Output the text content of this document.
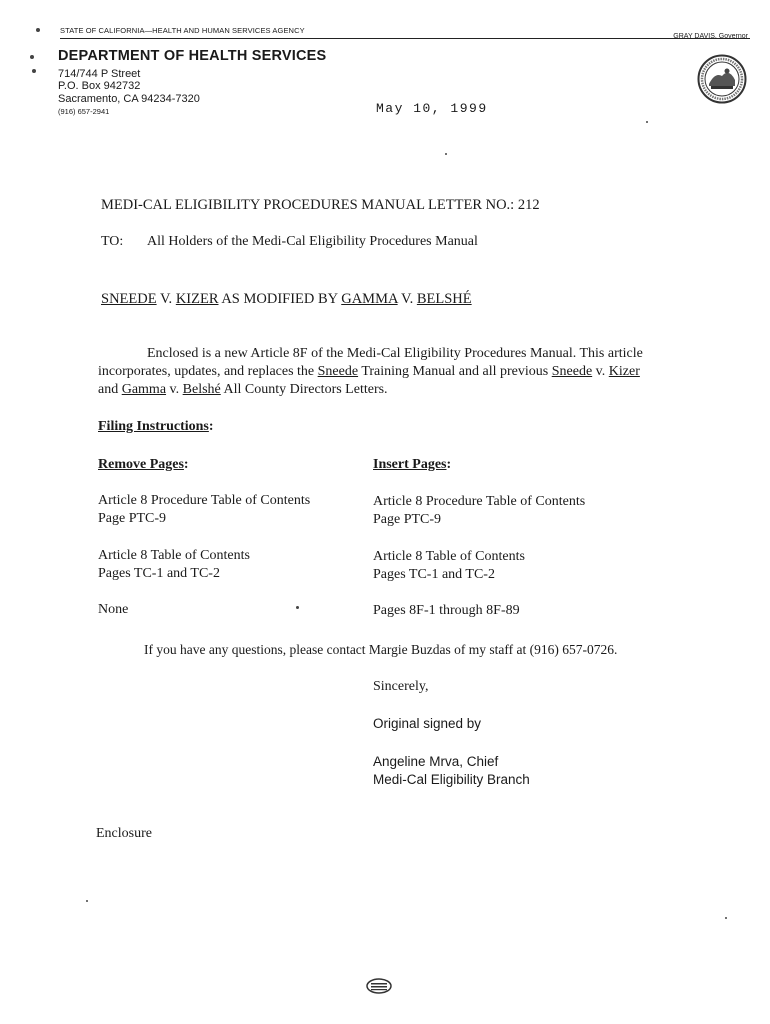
STATE OF CALIFORNIA—HEALTH AND HUMAN SERVICES AGENCY
GRAY DAVIS, Governor
DEPARTMENT OF HEALTH SERVICES
714/744 P Street
P.O. Box 942732
Sacramento, CA 94234-7320
(916) 657-2941	May 10, 1999
MEDI-CAL ELIGIBILITY PROCEDURES MANUAL LETTER NO.: 212
TO: All Holders of the Medi-Cal Eligibility Procedures Manual
SNEEDE V. KIZER AS MODIFIED BY GAMMA V. BELSHÉ
Enclosed is a new Article 8F of the Medi-Cal Eligibility Procedures Manual. This article
incorporates, updates, and replaces the Sneede Training Manual and all previous Sneede v. Kizer
and Gamma v. Belshé All County Directors Letters.
Filing Instructions:
Remove Pages:	Insert Pages:
Article 8 Procedure Table of Contents
Page PTC-9
Article 8 Table of Contents
Pages TC-1 and TC-2
None
Article 8 Procedure Table of Contents
Page PTC-9
Article 8 Table of Contents
Pages TC-1 and TC-2
Pages 8F-1 through 8F-89
If you have any questions, please contact Margie Buzdas of my staff at (916) 657-0726.
Sincerely,
Original signed by
Angeline Mrva, Chief
Medi-Cal Eligibility Branch
Enclosure
